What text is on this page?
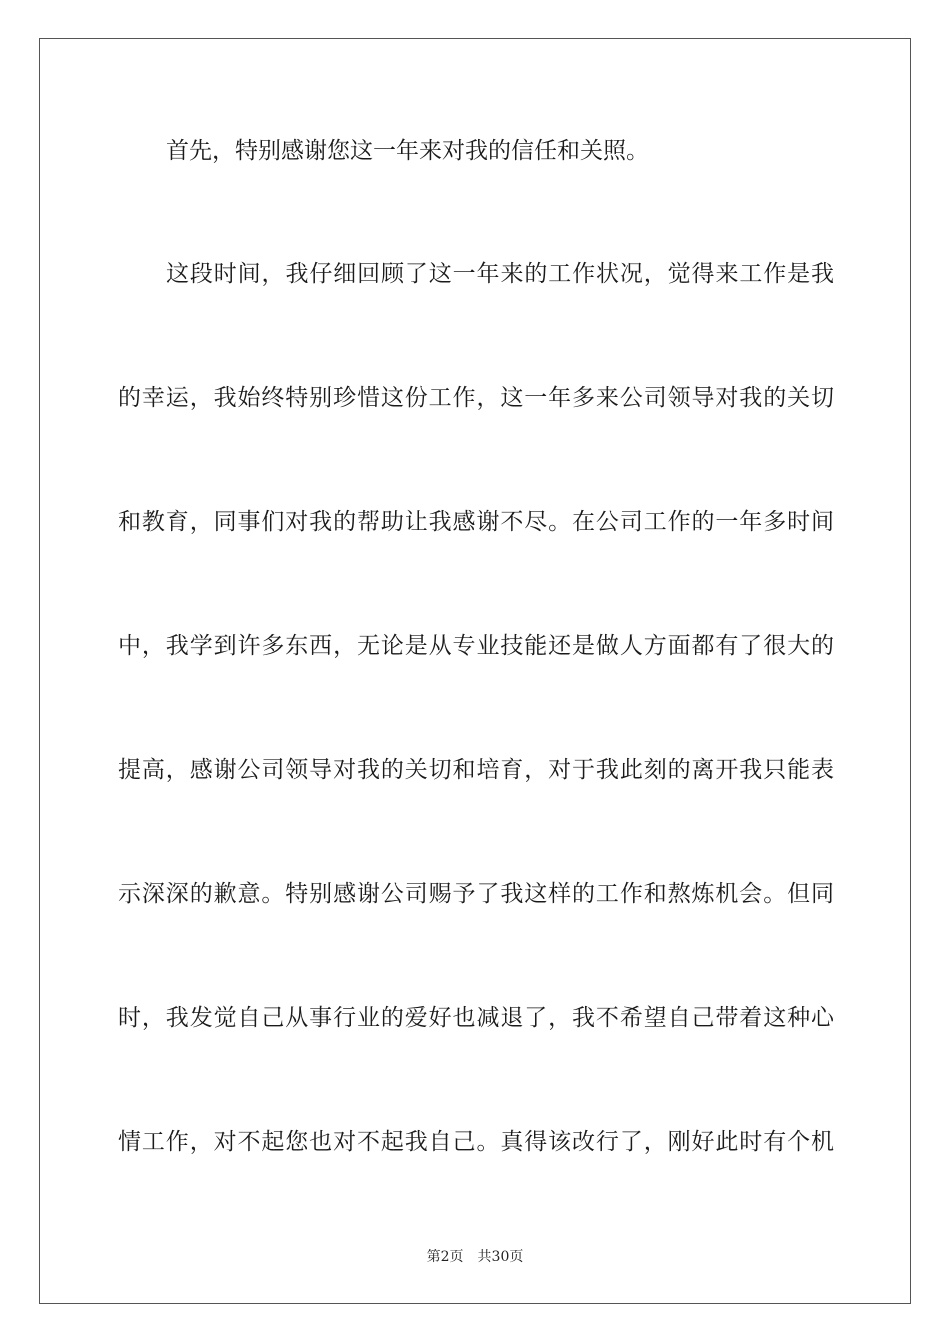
首先，特别感谢您这一年来对我的信任和关照。
这段时间，我仔细回顾了这一年来的工作状况，觉得来工作是我
的幸运，我始终特别珍惜这份工作，这一年多来公司领导对我的关切
和教育，同事们对我的帮助让我感谢不尽。在公司工作的一年多时间
中，我学到许多东西，无论是从专业技能还是做人方面都有了很大的
提高，感谢公司领导对我的关切和培育，对于我此刻的离开我只能表
示深深的歉意。特别感谢公司赐予了我这样的工作和熬炼机会。但同
时，我发觉自己从事行业的爱好也减退了，我不希望自己带着这种心
情工作，对不起您也对不起我自己。真得该改行了，刚好此时有个机
第2页 共30页
